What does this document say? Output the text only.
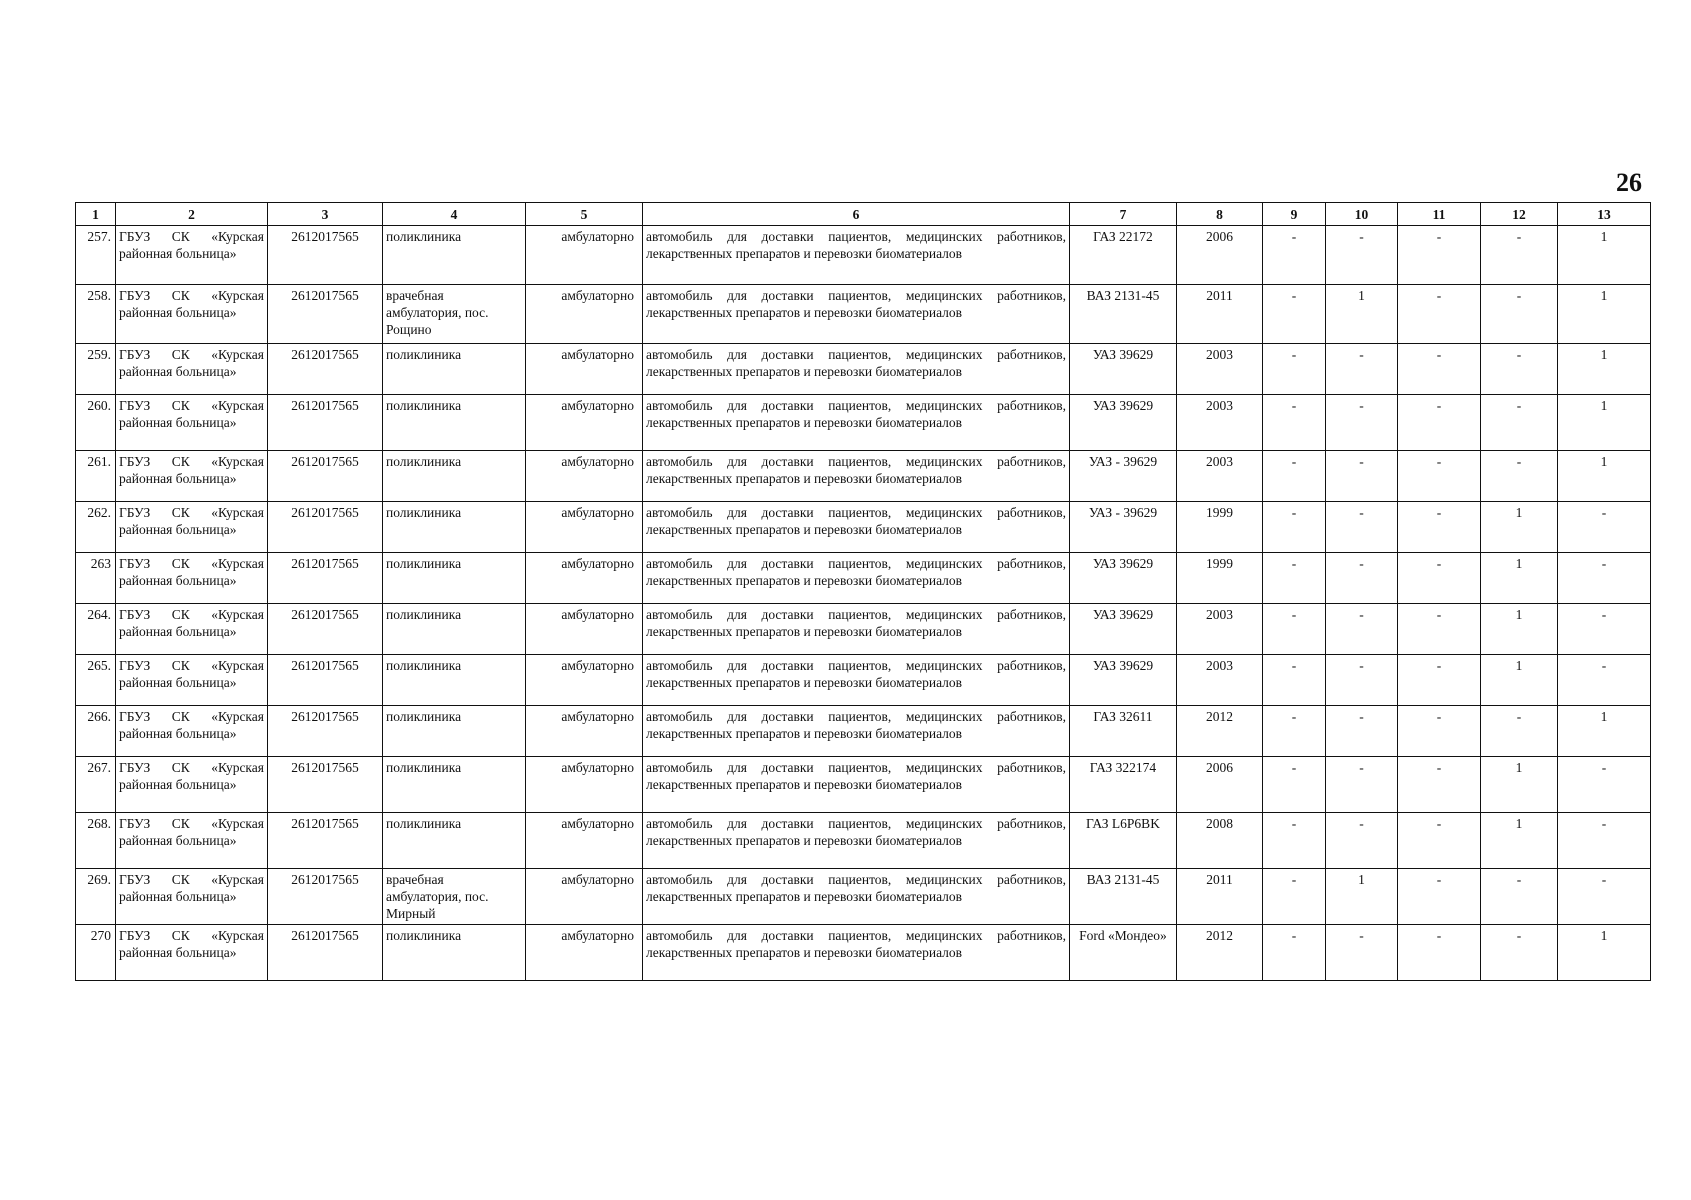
26
1	2	3	4	5	6	7	8	9	10	11	12	13
257.	ГБУЗ СК «Курская районная больница»	2612017565	поликлиника	амбулаторно	автомобиль для доставки пациентов, медицинских работников, лекарственных препаратов и перевозки биоматериалов	ГАЗ 22172	2006	-	-	-	-	1
258.	ГБУЗ СК «Курская районная больница»	2612017565	врачебная амбулатория, пос. Рощино	амбулаторно	автомобиль для доставки пациентов, медицинских работников, лекарственных препаратов и перевозки биоматериалов	ВАЗ 2131-45	2011	-	1	-	-	1
259.	ГБУЗ СК «Курская районная больница»	2612017565	поликлиника	амбулаторно	автомобиль для доставки пациентов, медицинских работников, лекарственных препаратов и перевозки биоматериалов	УАЗ 39629	2003	-	-	-	-	1
260.	ГБУЗ СК «Курская районная больница»	2612017565	поликлиника	амбулаторно	автомобиль для доставки пациентов, медицинских работников, лекарственных препаратов и перевозки биоматериалов	УАЗ 39629	2003	-	-	-	-	1
261.	ГБУЗ СК «Курская районная больница»	2612017565	поликлиника	амбулаторно	автомобиль для доставки пациентов, медицинских работников, лекарственных препаратов и перевозки биоматериалов	УАЗ - 39629	2003	-	-	-	-	1
262.	ГБУЗ СК «Курская районная больница»	2612017565	поликлиника	амбулаторно	автомобиль для доставки пациентов, медицинских работников, лекарственных препаратов и перевозки биоматериалов	УАЗ - 39629	1999	-	-	-	1	-
263	ГБУЗ СК «Курская районная больница»	2612017565	поликлиника	амбулаторно	автомобиль для доставки пациентов, медицинских работников, лекарственных препаратов и перевозки биоматериалов	УАЗ 39629	1999	-	-	-	1	-
264.	ГБУЗ СК «Курская районная больница»	2612017565	поликлиника	амбулаторно	автомобиль для доставки пациентов, медицинских работников, лекарственных препаратов и перевозки биоматериалов	УАЗ 39629	2003	-	-	-	1	-
265.	ГБУЗ СК «Курская районная больница»	2612017565	поликлиника	амбулаторно	автомобиль для доставки пациентов, медицинских работников, лекарственных препаратов и перевозки биоматериалов	УАЗ 39629	2003	-	-	-	1	-
266.	ГБУЗ СК «Курская районная больница»	2612017565	поликлиника	амбулаторно	автомобиль для доставки пациентов, медицинских работников, лекарственных препаратов и перевозки биоматериалов	ГАЗ 32611	2012	-	-	-	-	1
267.	ГБУЗ СК «Курская районная больница»	2612017565	поликлиника	амбулаторно	автомобиль для доставки пациентов, медицинских работников, лекарственных препаратов и перевозки биоматериалов	ГАЗ 322174	2006	-	-	-	1	-
268.	ГБУЗ СК «Курская районная больница»	2612017565	поликлиника	амбулаторно	автомобиль для доставки пациентов, медицинских работников, лекарственных препаратов и перевозки биоматериалов	ГАЗ L6P6BK	2008	-	-	-	1	-
269.	ГБУЗ СК «Курская районная больница»	2612017565	врачебная амбулатория, пос. Мирный	амбулаторно	автомобиль для доставки пациентов, медицинских работников, лекарственных препаратов и перевозки биоматериалов	ВАЗ 2131-45	2011	-	1	-	-	-
270	ГБУЗ СК «Курская районная больница»	2612017565	поликлиника	амбулаторно	автомобиль для доставки пациентов, медицинских работников, лекарственных препаратов и перевозки биоматериалов	Ford «Мондео»	2012	-	-	-	-	1
